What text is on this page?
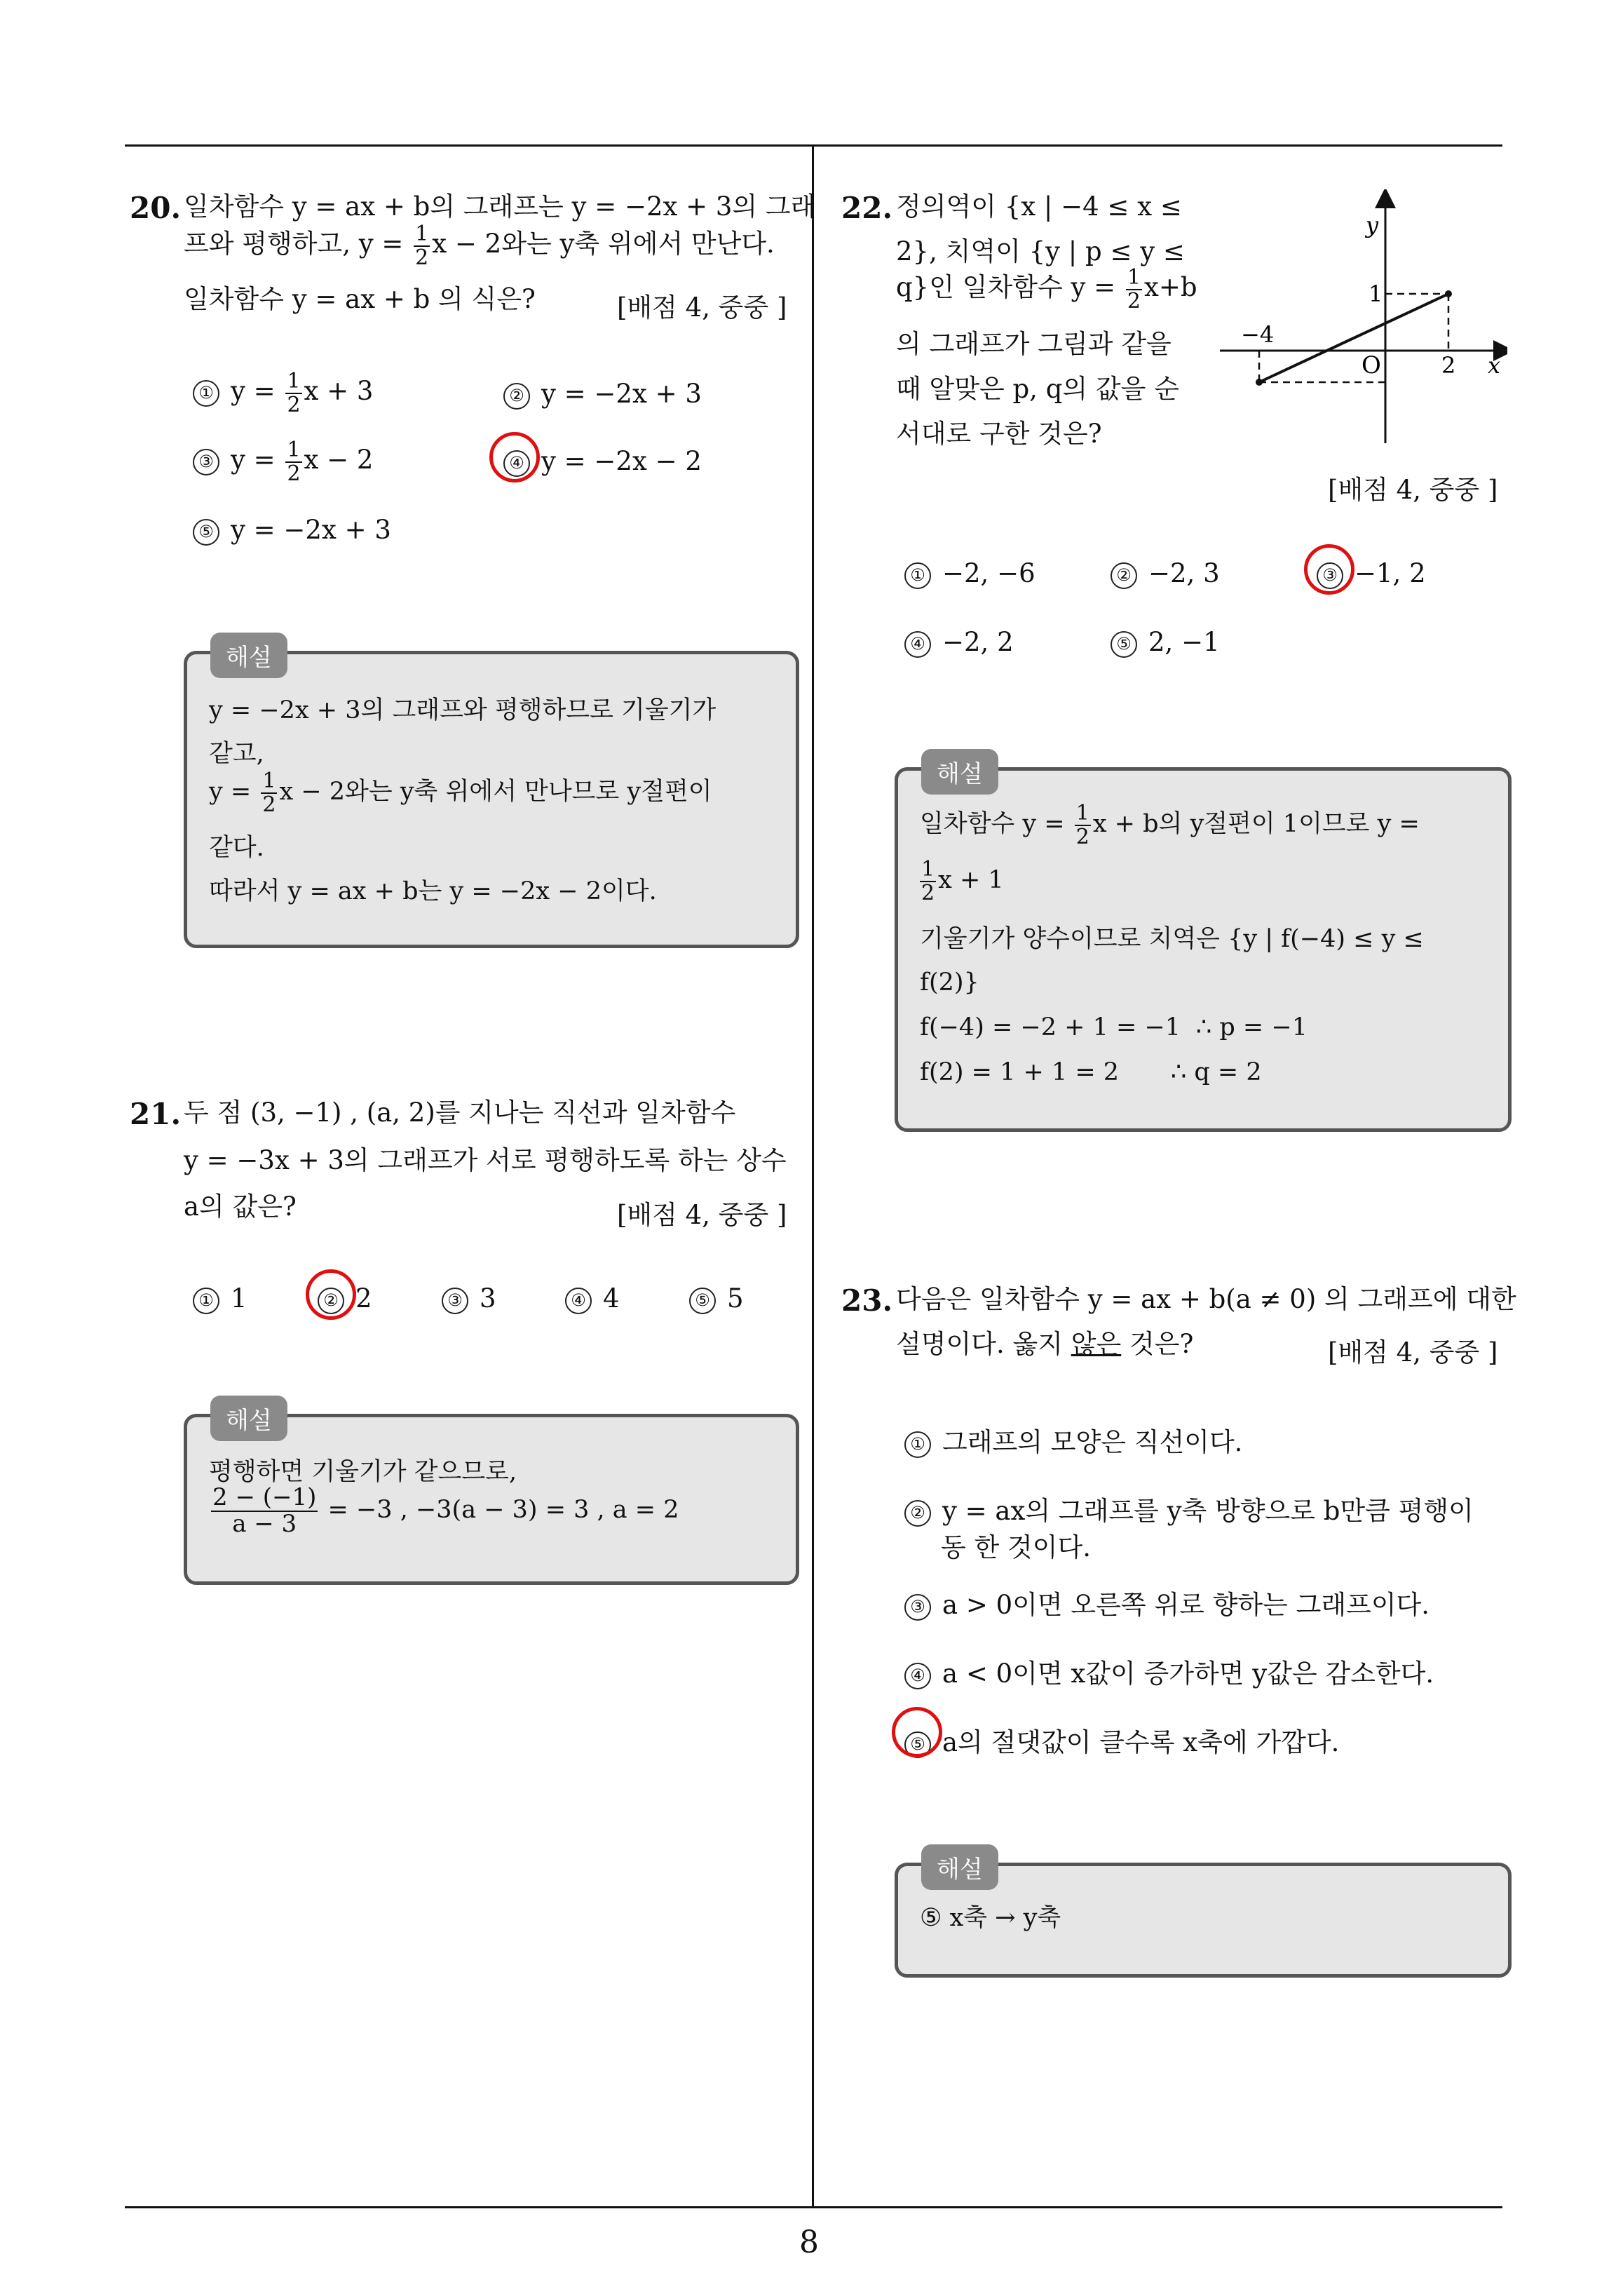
8
20. 일차함수 y = ax + b의 그래프는 y = −2x + 3의 그래
프와 평행하고, $y = \frac{1}{2}$ x − 2와는 y축 위에서 만난다.
일차함수 y = ax + b 의 식은?	[배점 4, 중중 ]
① $y = \frac{1}{2}$ x + 3	② y = −2x + 3
③ $y = \frac{1}{2}$ x − 2	④ y = −2x − 2
⑤ y = −2x + 3
해설
y = −2x + 3의 그래프와 평행하므로 기울기가
같고,
$y = \frac{1}{2}$ x − 2와는 y축 위에서 만나므로 y절편이
같다.
따라서 y = ax + b는 y = −2x − 2이다.
21. 두 점 (3, −1) , (a, 2)를 지나는 직선과 일차함수
y = −3x + 3의 그래프가 서로 평행하도록 하는 상수
a의 값은?	[배점 4, 중중 ]
① 1	② 2	③ 3	④ 4	⑤ 5
해설
평행하면 기울기가 같으므로,
$\frac{2 - (-1)}{a - 3} = -3$ , −3(a − 3) = 3 , a = 2
22. 정의역이 {x | −4 ≤ x ≤
2}, 치역이 {y | p ≤ y ≤
q}인 일차함수 $y = \frac{1}{2} x+b$
의 그래프가 그림과 같을
때 알맞은 p, q의 값을 순
서대로 구한 것은?
y
x
O
−4
2
1
[배점 4, 중중 ]
① −2, −6	② −2, 3	③ −1, 2
④ −2, 2	⑤ 2, −1
해설
일차함수 $y = \frac{1}{2}$ x + b의 y절편이 1이므로 y =
$\frac{1}{2}$ x + 1
기울기가 양수이므로 치역은 {y | f(−4) ≤ y ≤
f(2)}
f(−4) = −2 + 1 = −1 ∴ p = −1
f(2) = 1 + 1 = 2 ∴ q = 2
23. 다음은 일차함수 y = ax + b(a ≠ 0) 의 그래프에 대한
설명이다. 옳지 않은 것은?	[배점 4, 중중 ]
① 그래프의 모양은 직선이다.
② y = ax의 그래프를 y축 방향으로 b만큼 평행이
동 한 것이다.
③ a > 0이면 오른쪽 위로 향하는 그래프이다.
④ a < 0이면 x값이 증가하면 y값은 감소한다.
⑤ a의 절댓값이 클수록 x축에 가깝다.
해설
⑤ x축 → y축
